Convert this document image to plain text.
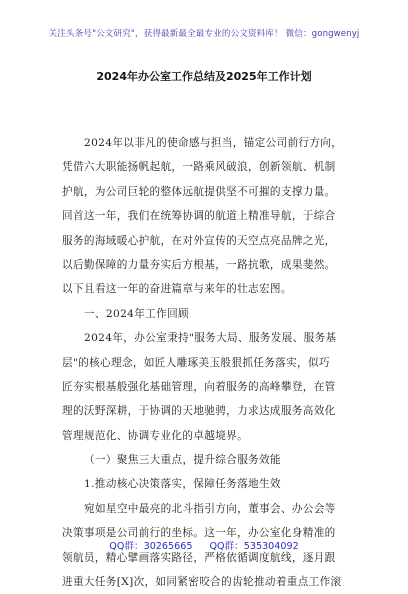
关注头条号"公文研究"，获得最新最全最专业的公文资料库！ 微信：gongwenyj
2024年办公室工作总结及2025年工作计划
2024年以非凡的使命感与担当，锚定公司前行方向，
凭借六大职能扬帆起航，一路乘风破浪，创新领航、机制
护航，为公司巨轮的整体远航提供坚不可摧的支撑力量。
回首这一年，我们在统筹协调的航道上精准导航，于综合
服务的海域暖心护航，在对外宣传的天空点亮品牌之光，
以后勤保障的力量夯实后方根基，一路抗歌，成果斐然。
以下且看这一年的奋进篇章与来年的壮志宏图。
一、2024年工作回顾
2024年，办公室秉持"服务大局、服务发展、服务基
层"的核心理念，如匠人雕琢美玉般狠抓任务落实，似巧
匠夯实根基般强化基础管理，向着服务的高峰攀登，在管
理的沃野深耕，于协调的天地驰骋，力求达成服务高效化
管理规范化、协调专业化的卓越境界。
（一）聚焦三大重点，提升综合服务效能
1.推动核心决策落实，保障任务落地生效
宛如星空中最亮的北斗指引方向，董事会、办公会等
决策事项是公司前行的坐标。这一年，办公室化身精准的
领航员，精心擘画落实路径，严格依循调度航线，逐月跟
进重大任务[X]次，如同紧密咬合的齿轮推动着重点工作滚
QQ群：30265665 QQ群：535304092
